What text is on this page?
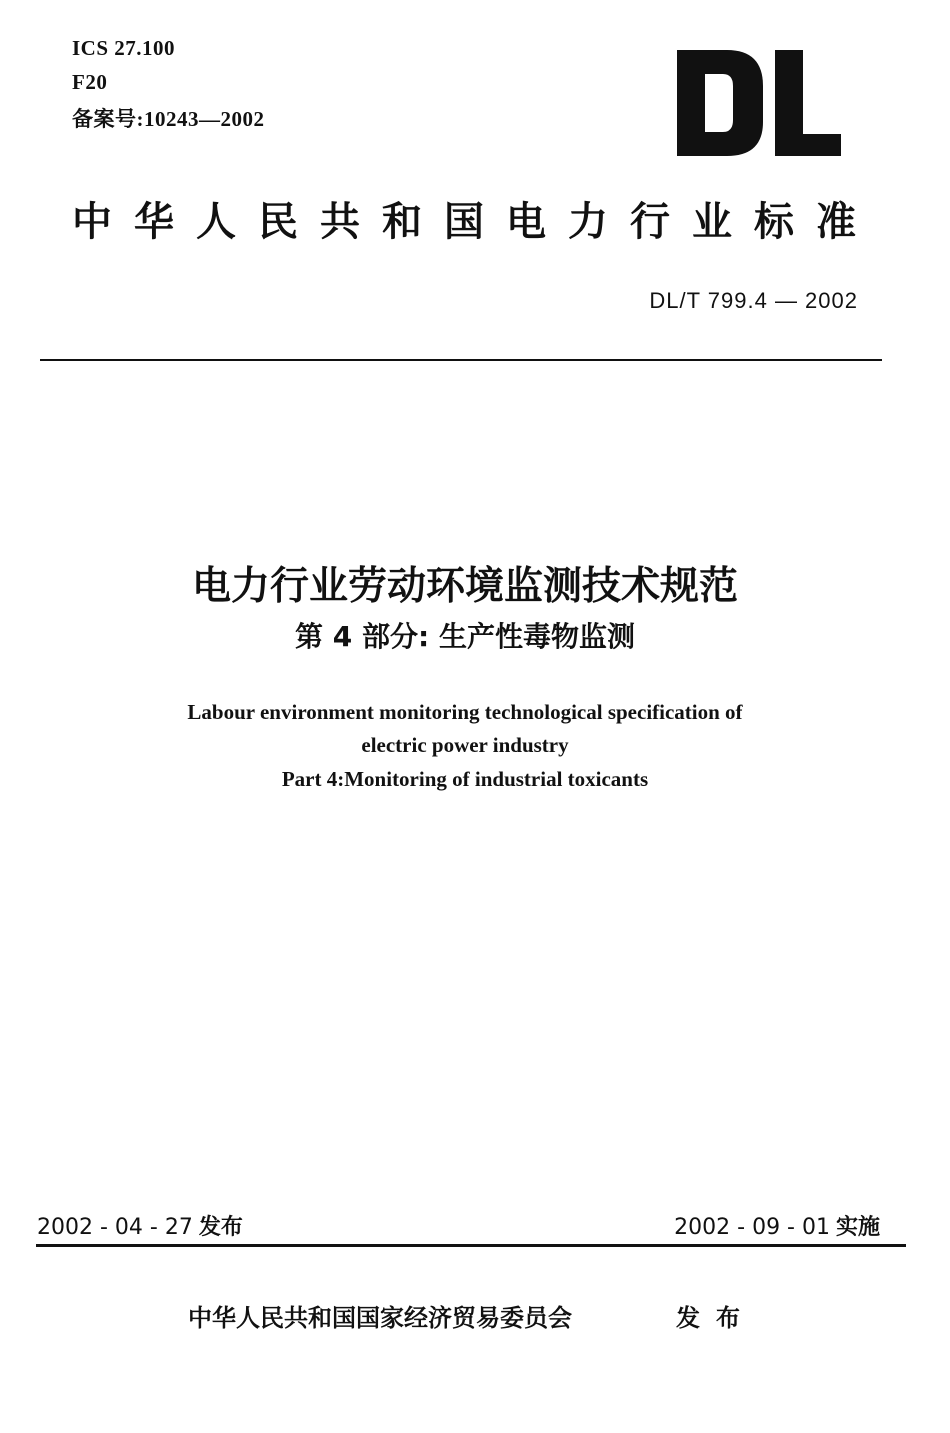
ICS 27.100
F20
备案号:10243—2002
中华人民共和国电力行业标准
DL/T 799.4 — 2002
电力行业劳动环境监测技术规范
第 4 部分: 生产性毒物监测
Labour environment monitoring technological specification of
electric power industry
Part 4:Monitoring of industrial toxicants
2002 - 04 - 27 发布	2002 - 09 - 01 实施
中华人民共和国国家经济贸易委员会	发布
